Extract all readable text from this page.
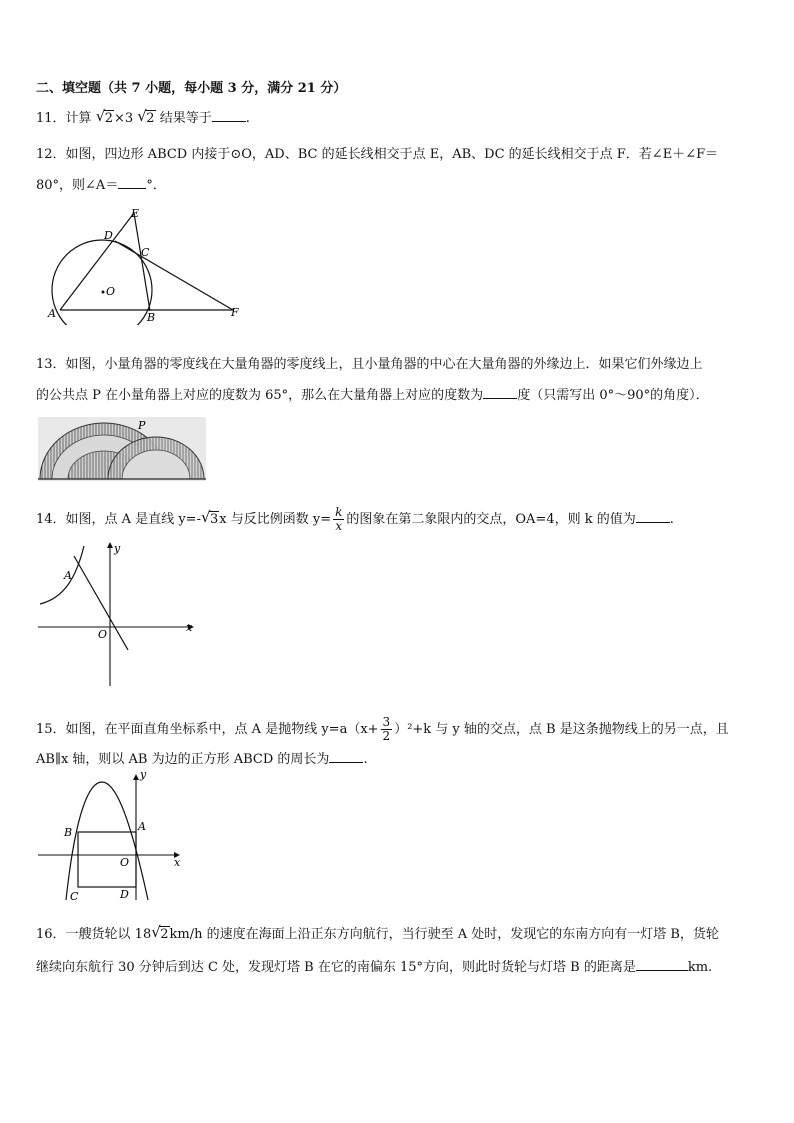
二、填空题（共 7 小题，每小题 3 分，满分 21 分）
11．计算 √ 2×3 √ 2 结果等于	.
12．如图，四边形 ABCD 内接于⊙O，AD、BC 的延长线相交于点 E，AB、DC 的延长线相交于点 F．若∠E＋∠F＝
80°，则∠A＝ °．
E
D
C
O
A	B	F
13．如图，小量角器的零度线在大量角器的零度线上，且小量角器的中心在大量角器的外缘边上．如果它们外缘边上
的公共点 P 在小量角器上对应的度数为 65°，那么在大量角器上对应的度数为	度（只需写出 0°～90°的角度）．
P
14．如图，点 A 是直线 y=- √ 3x 与反比例函数 $y= \frac{k}{x}$ 的图象在第二象限内的交点，OA=4，则 k 的值为	.
y
x
A
O
15．如图，在平面直角坐标系中，点 A 是抛物线 $y=a(x+ \frac{3}{2} )^2+k$ 与 y 轴的交点，点 B 是这条抛物线上的另一点，且
AB∥x 轴，则以 AB 为边的正方形 ABCD 的周长为	.
y
x
A
B
O
C	D
16．一艘货轮以 18 √ 2km/h 的速度在海面上沿正东方向航行，当行驶至 A 处时，发现它的东南方向有一灯塔 B，货轮
继续向东航行 30 分钟后到达 C 处，发现灯塔 B 在它的南偏东 15°方向，则此时货轮与灯塔 B 的距离是	km.
